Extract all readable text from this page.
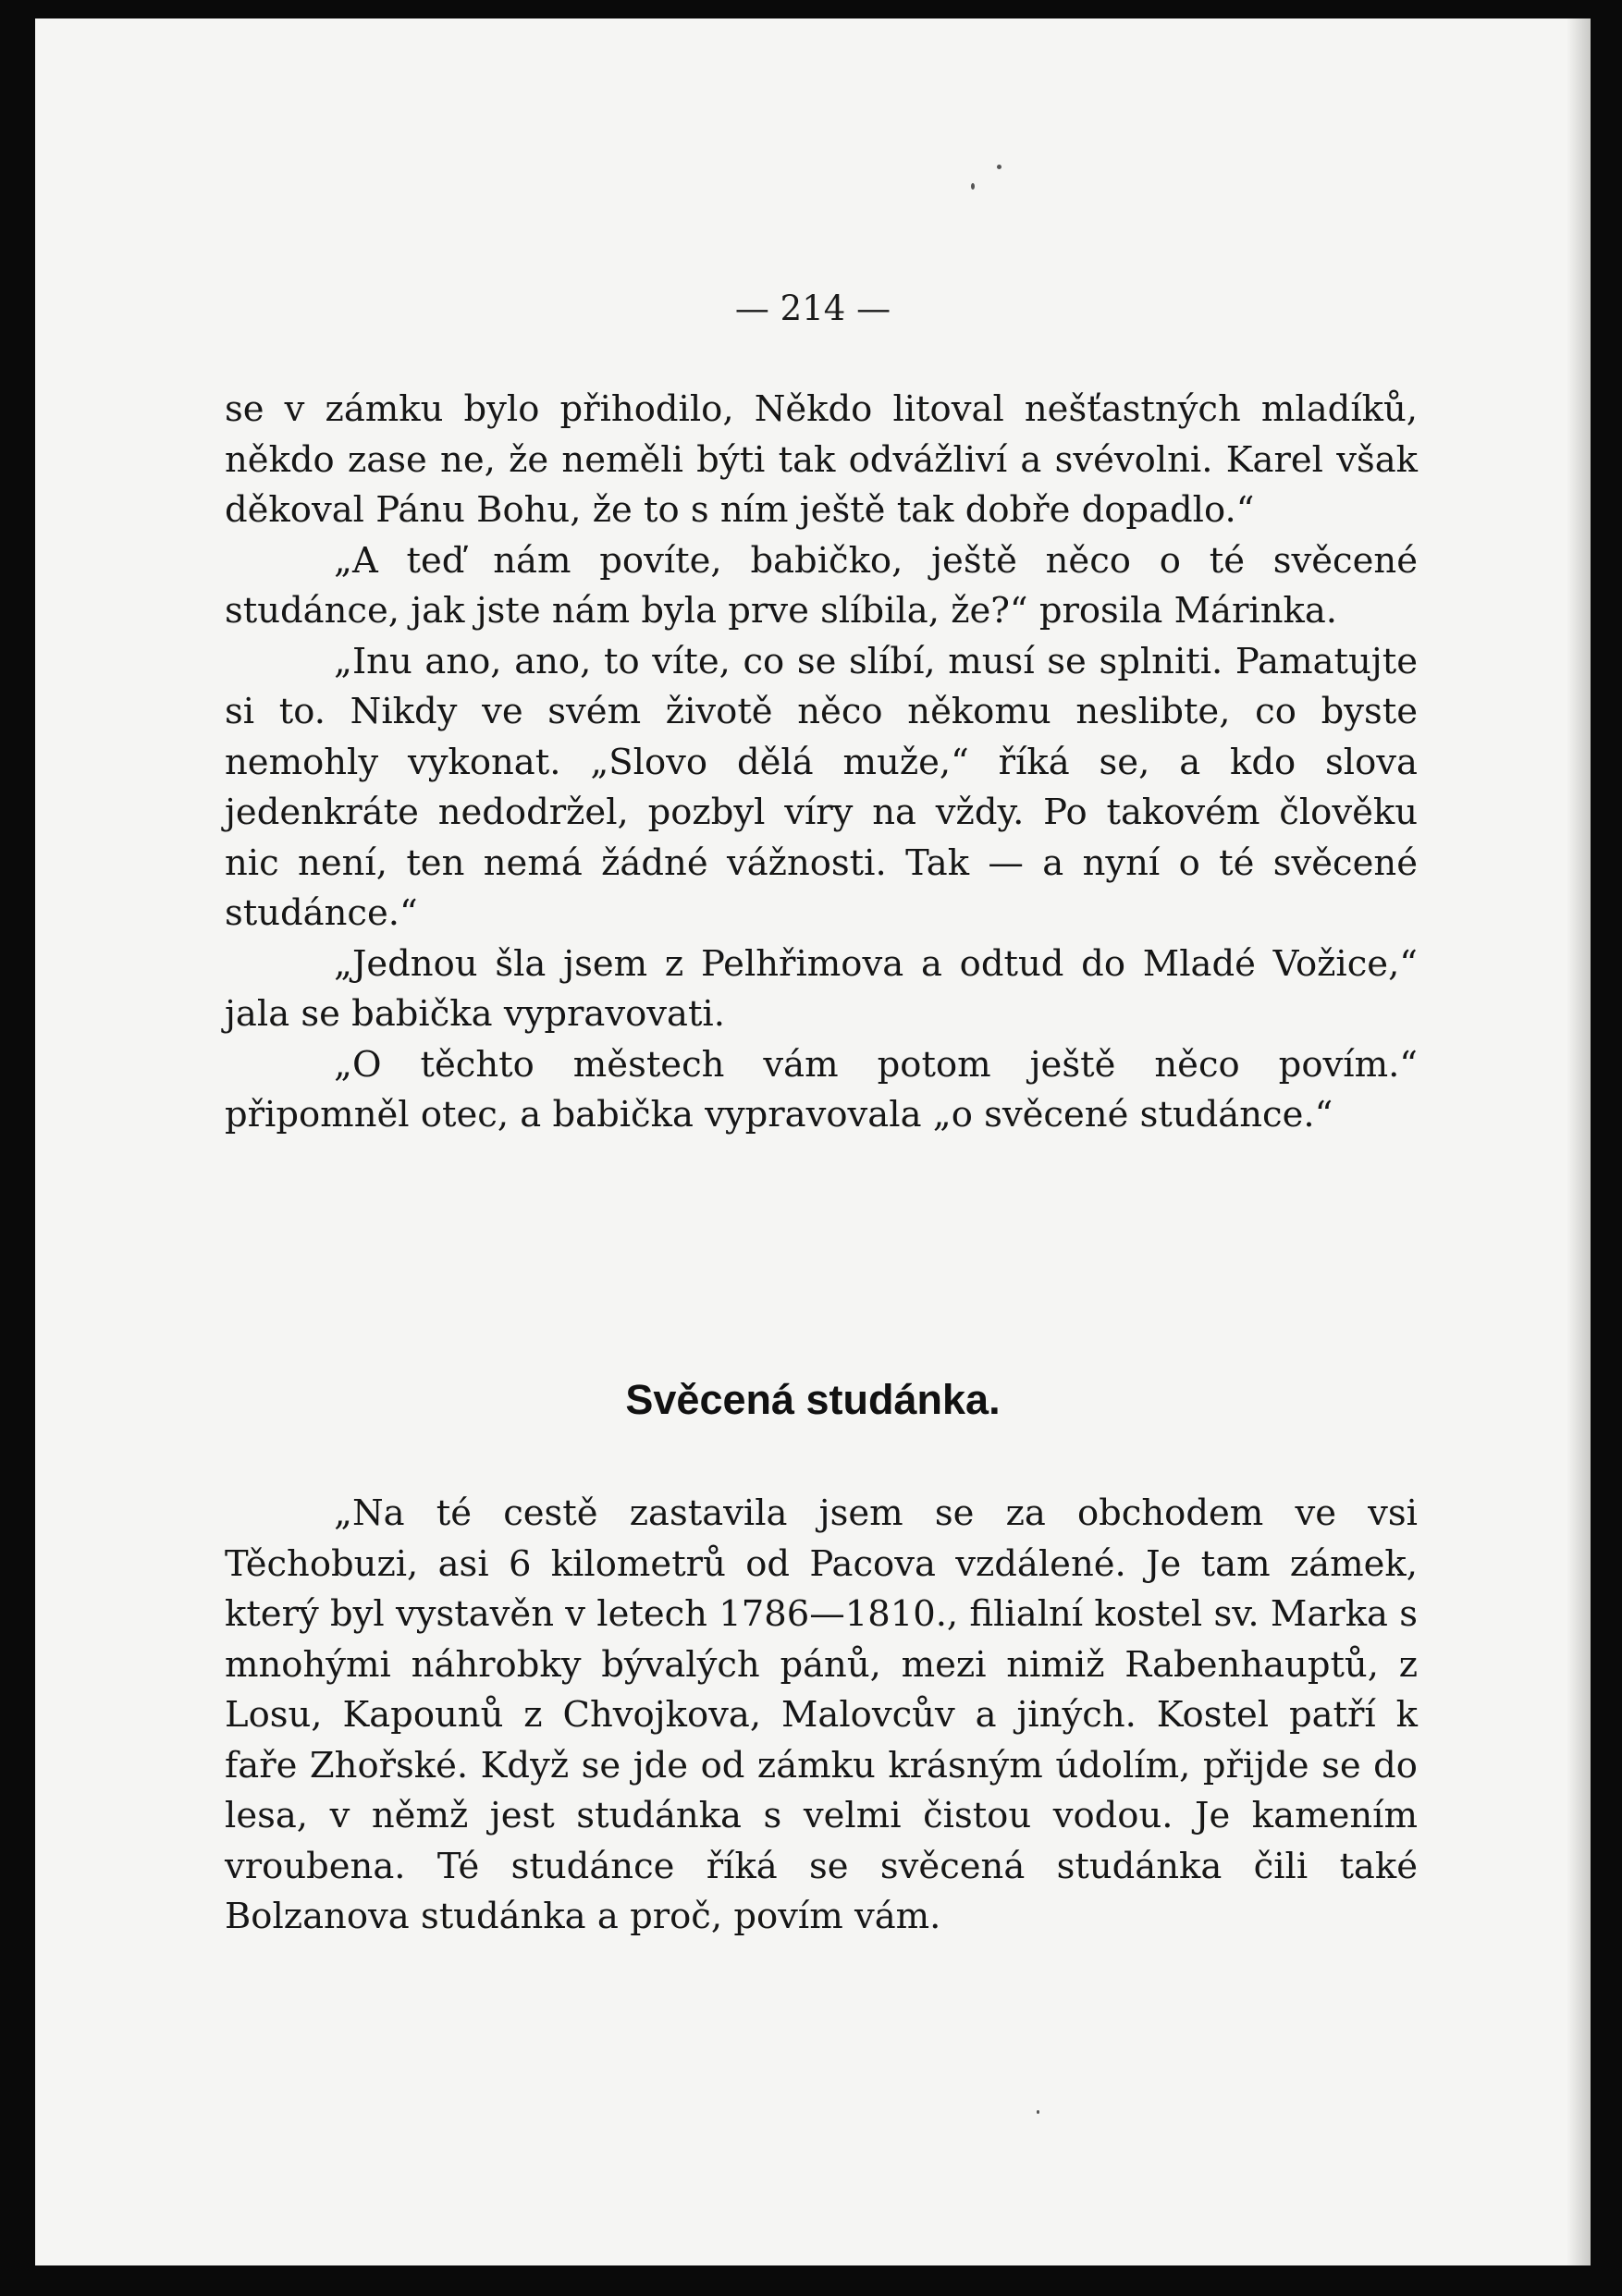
— 214 —

se v zámku bylo přihodilo, Někdo litoval nešťastných mladíků, někdo zase ne, že neměli býti tak odvážliví a svévolni. Karel však děkoval Pánu Bohu, že to s ním ještě tak dobře dopadlo.“

„A teď nám povíte, babičko, ještě něco o té svěcené studánce, jak jste nám byla prve slíbila, že?“ prosila Márinka.

„Inu ano, ano, to víte, co se slíbí, musí se splniti. Pamatujte si to. Nikdy ve svém životě něco někomu neslibte, co byste nemohly vykonat. „Slovo dělá muže,“ říká se, a kdo slova jedenkráte nedodržel, pozbyl víry na vždy. Po takovém člověku nic není, ten nemá žádné vážnosti. Tak — a nyní o té svěcené studánce.“

„Jednou šla jsem z Pelhřimova a odtud do Mladé Vožice,“ jala se babička vypravovati.

„O těchto městech vám potom ještě něco povím.“ připomněl otec, a babička vypravovala „o svěcené studánce.“

Svěcená studánka.

„Na té cestě zastavila jsem se za obchodem ve vsi Těchobuzi, asi 6 kilometrů od Pacova vzdálené. Je tam zámek, který byl vystavěn v letech 1786—1810., filialní kostel sv. Marka s mnohými náhrobky bývalých pánů, mezi nimiž Rabenhauptů, z Losu, Kapounů z Chvojkova, Malovcův a jiných. Kostel patří k faře Zhořské. Když se jde od zámku krásným údolím, přijde se do lesa, v němž jest studánka s velmi čistou vodou. Je kamením vroubena. Té studánce říká se svěcená studánka čili také Bolzanova studánka a proč, povím vám.
